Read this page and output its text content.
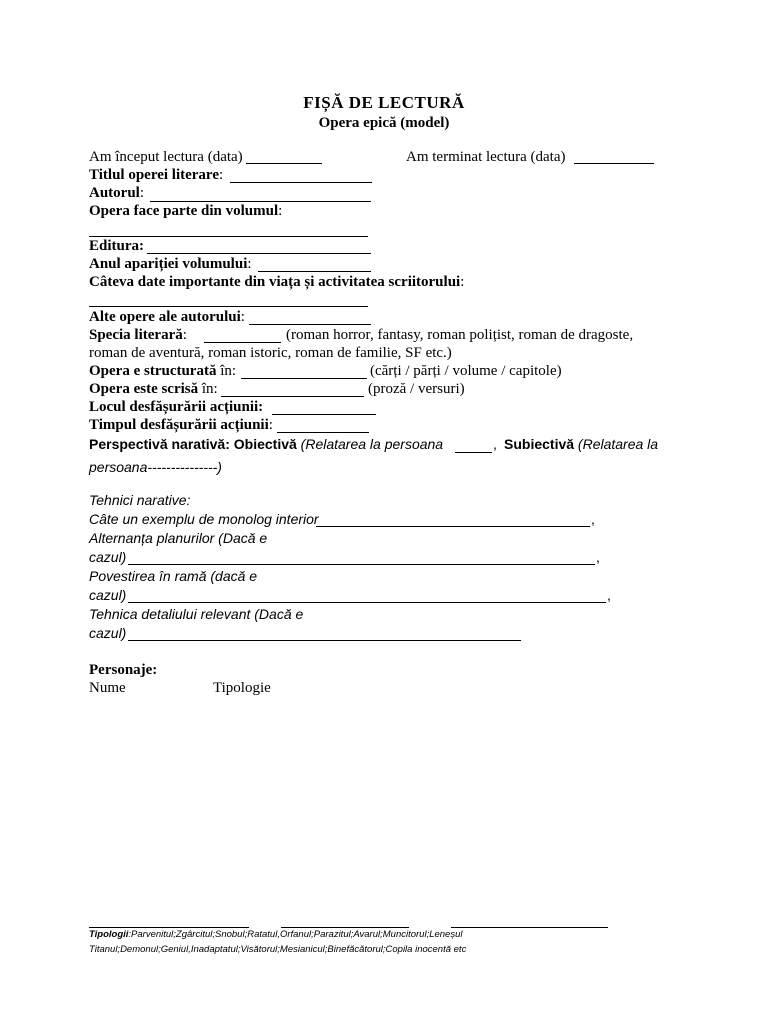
FIȘĂ DE LECTURĂ
Opera epică (model)
Am început lectura (data)	Am terminat lectura (data)
Titlul operei literare:
Autorul:
Opera face parte din volumul:
Editura:
Anul apariției volumului:
Câteva date importante din viața și activitatea scriitorului:
Alte opere ale autorului:
Specia literară:	(roman horror, fantasy, roman polițist, roman de dragoste,
roman de aventură, roman istoric, roman de familie, SF etc.)
Opera e structurată în:	(cărți / părți / volume / capitole)
Opera este scrisă în:	(proză / versuri)
Locul desfășurării acțiunii:
Timpul desfășurării acțiunii:
Perspectivă narativă: Obiectivă (Relatarea la persoana	, Subiectivă (Relatarea la
persoana---------------)
Tehnici narative:
Câte un exemplu de monolog interior	,
Alternanța planurilor (Dacă e
cazul)	,
Povestirea în ramă (dacă e
cazul)	,
Tehnica detaliului relevant (Dacă e
cazul)
Personaje:
Nume	Tipologie
Tipologii:Parvenitul;Zgârcitul;Snobul;Ratatul,Orfanul;Parazitul;Avarul;Muncitorul;Leneșul
Titanul;Demonul;Geniul,Inadaptatul;Visătorul;Mesianicul;Binefăcătorul;Copila inocentă etc
